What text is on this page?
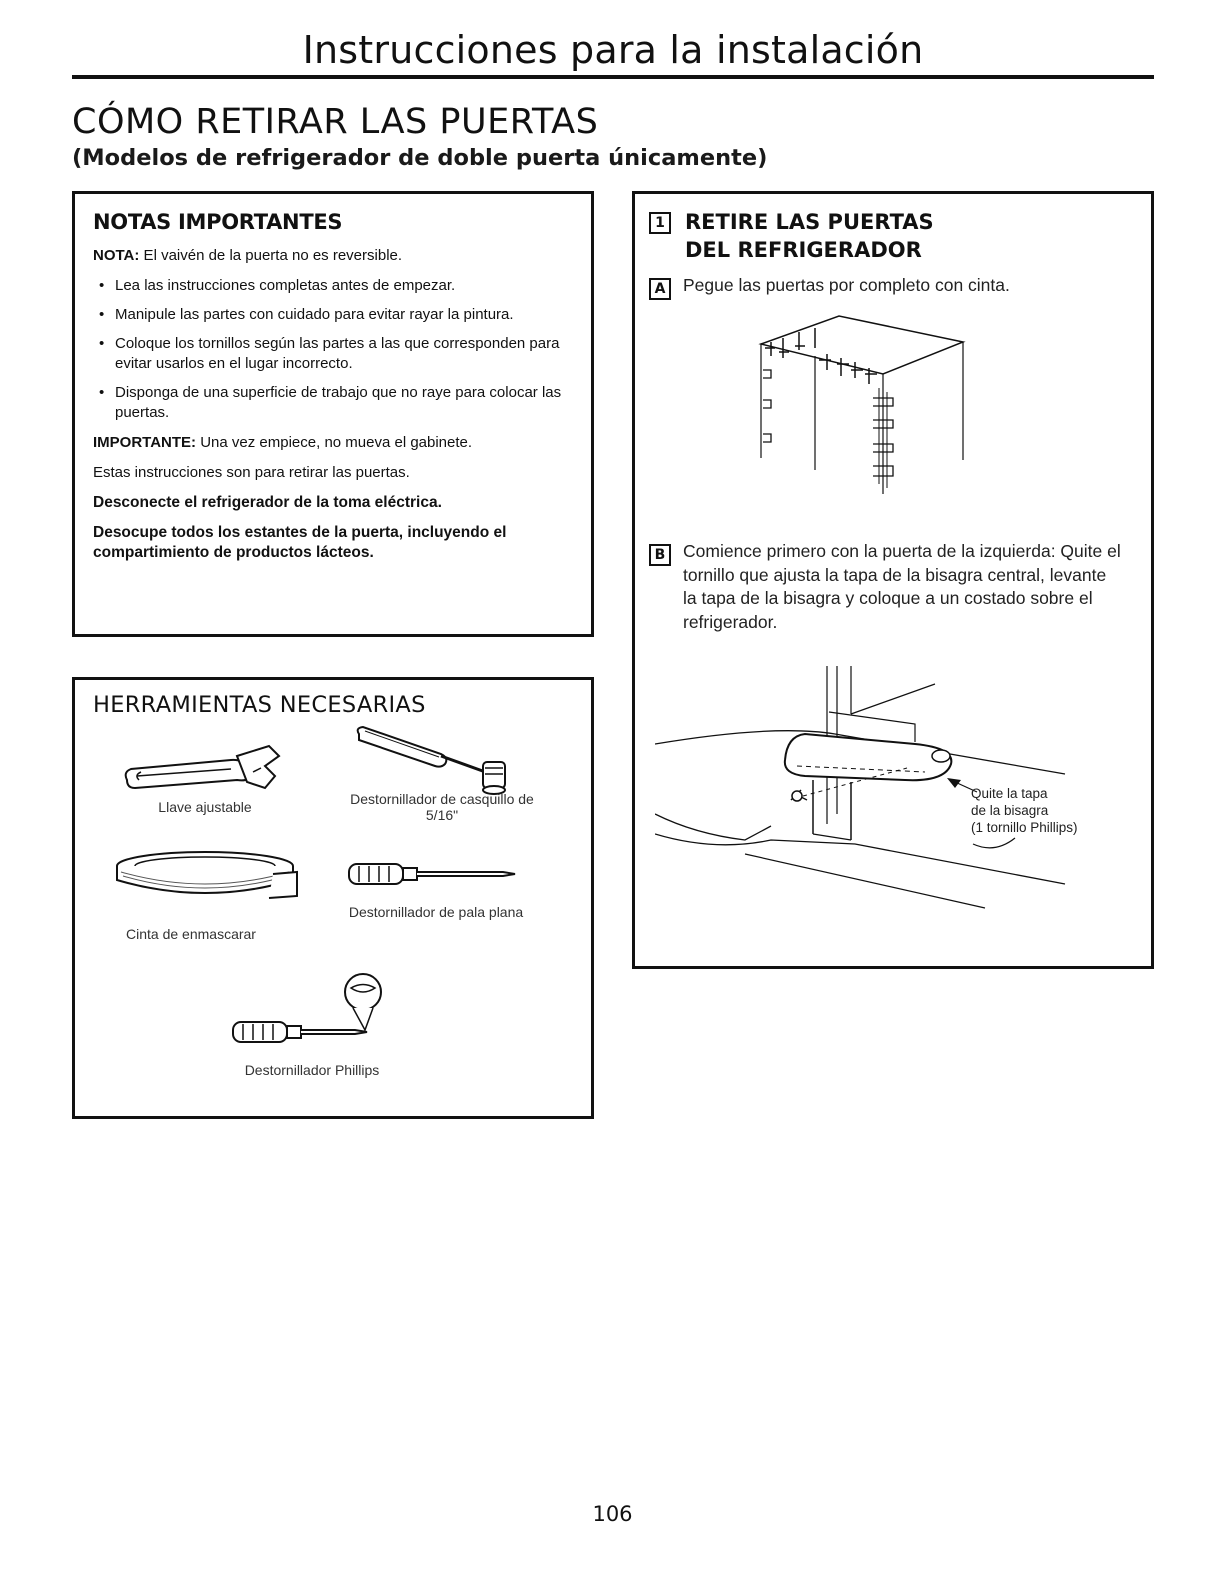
Instrucciones para la instalación
CÓMO RETIRAR LAS PUERTAS
(Modelos de refrigerador de doble puerta únicamente)
NOTAS IMPORTANTES

NOTA: El vaivén de la puerta no es reversible.

• Lea las instrucciones completas antes de empezar.
• Manipule las partes con cuidado para evitar rayar la pintura.
• Coloque los tornillos según las partes a las que corresponden para evitar usarlos en el lugar incorrecto.
• Disponga de una superficie de trabajo que no raye para colocar las puertas.

IMPORTANTE: Una vez empiece, no mueva el gabinete.

Estas instrucciones son para retirar las puertas.

Desconecte el refrigerador de la toma eléctrica.

Desocupe todos los estantes de la puerta, incluyendo el compartimiento de productos lácteos.

HERRAMIENTAS NECESARIAS
Llave ajustable	Destornillador de casquillo de 5/16"
Cinta de enmascarar
Destornillador de pala plana
Destornillador Phillips
1 RETIRE LAS PUERTAS
DEL REFRIGERADOR
A	Pegue las puertas por completo con cinta.
B	Comience primero con la puerta de la izquierda: Quite el tornillo que ajusta la tapa de la bisagra central, levante la tapa de la bisagra y coloque a un costado sobre el refrigerador.
Quite la tapa
de la bisagra
(1 tornillo Phillips)
106
